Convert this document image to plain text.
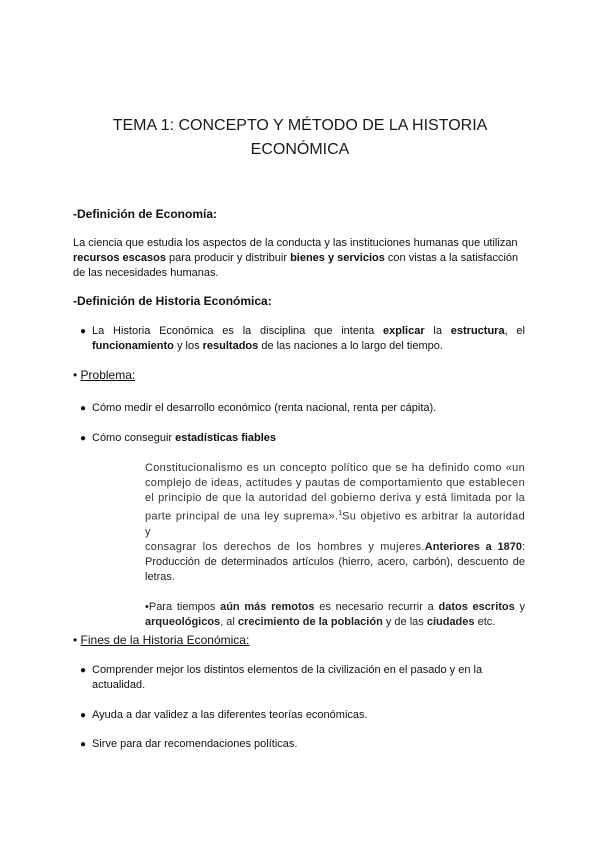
TEMA 1: CONCEPTO Y MÉTODO DE LA HISTORIA
ECONÓMICA
-Definición de Economía:
La ciencia que estudia los aspectos de la conducta y las instituciones humanas que utilizan
recursos escasos para producir y distribuir bienes y servicios con vistas a la satisfacción
de las necesidades humanas.
-Definición de Historia Económica:
● La Historia Económica es la disciplina que intenta explicar la estructura, el
funcionamiento y los resultados de las naciones a lo largo del tiempo.
• Problema:
● Cómo medir el desarrollo económico (renta nacional, renta per cápita).
● Cómo conseguir estadísticas fiables
Constitucionalismo es un concepto político que se ha definido como «un
complejo de ideas, actitudes y pautas de comportamiento que establecen
el principio de que la autoridad del gobierno deriva y está limitada por la
parte principal de una ley suprema».$^1$Su objetivo es arbitrar la autoridad y
consagrar los derechos de los hombres y mujeres.Anteriores a 1870:
Producción de determinados artículos (hierro, acero, carbón), descuento de
letras.
•Para tiempos aún más remotos es necesario recurrir a datos escritos y
arqueológicos, al crecimiento de la población y de las ciudades etc.
• Fines de la Historia Económica:
● Comprender mejor los distintos elementos de la civilización en el pasado y en la
actualidad.
● Ayuda a dar validez a las diferentes teorías económicas.
● Sirve para dar recomendaciones políticas.
